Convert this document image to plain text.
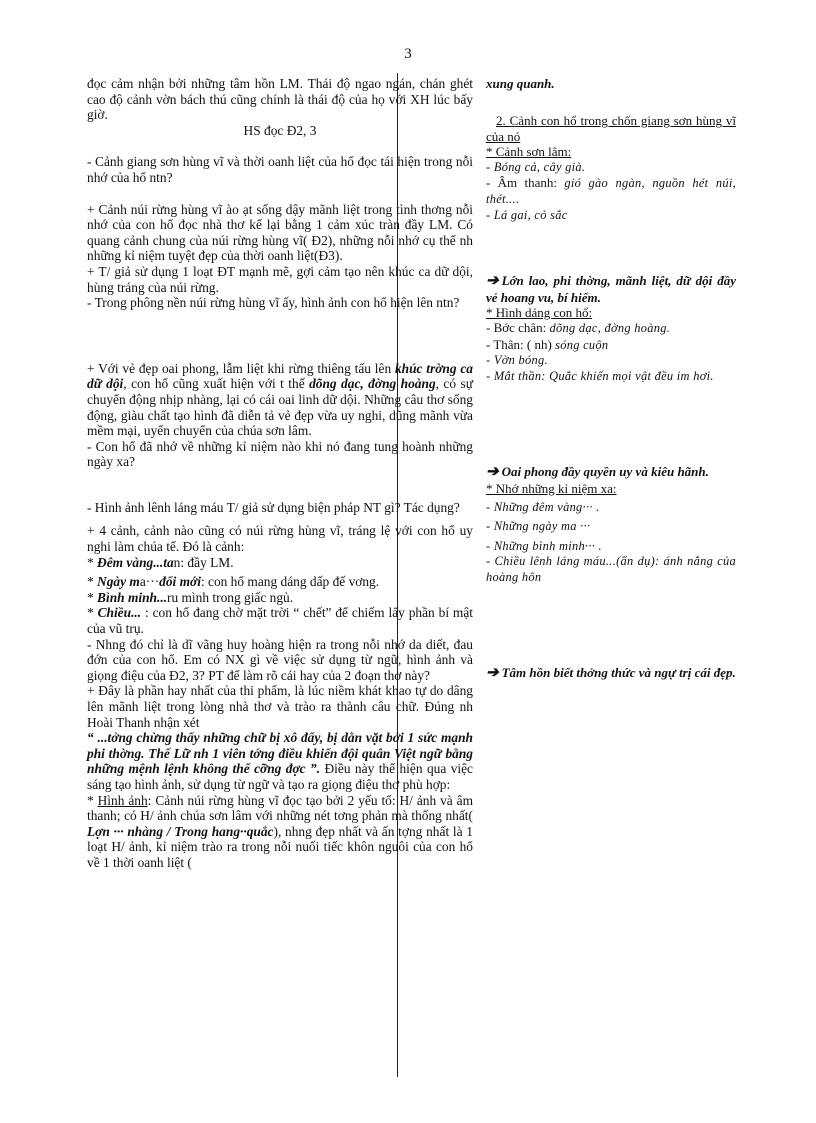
3

đọc cảm nhận bởi những tâm hồn LM. Thái độ ngao ngán, chán ghét cao độ cảnh vờn bách thú cũng chính là thái độ của họ với XH lúc bấy giờ.

HS đọc Đ2, 3

- Cảnh giang sơn hùng vĩ và thời oanh liệt của hổ đọc tái hiện trong nỗi nhớ của hổ ntn?

+ Cảnh núi rừng hùng vĩ ào ạt sống dậy mãnh liệt trong tình thơng nỗi nhớ của con hổ đọc nhà thơ kể lại bằng 1 cảm xúc tràn đầy LM. Có quang cảnh chung của núi rừng hùng vĩ( Đ2), những nỗi nhớ cụ thể nh những kỉ niệm tuyệt đẹp của thời oanh liệt(Đ3).

+ T/ giả sử dụng 1 loạt ĐT mạnh mẽ, gợi cảm tạo nên khúc ca dữ dội, hùng tráng của núi rừng.

- Trong phông nền núi rừng hùng vĩ ấy, hình ảnh con hổ hiện lên ntn?

+ Với vẻ đẹp oai phong, lẫm liệt khi rừng thiêng tấu lên khúc trờng ca dữ dội, con hổ cũng xuất hiện với t thế dõng dạc, đờng hoàng, có sự chuyển động nhịp nhàng, lại có cái oai linh dữ dội. Những câu thơ sống động, giàu chất tạo hình đã diễn tả vẻ đẹp vừa uy nghi, dũng mãnh vừa mềm mại, uyển chuyển của chúa sơn lâm.

- Con hổ đã nhớ về những kỉ niệm nào khi nó đang tung hoành những ngày xa?

- Hình ảnh lênh láng máu T/ giả sử dụng biện pháp NT gì? Tác dụng?

+ 4 cảnh, cảnh nào cũng có núi rừng hùng vĩ, tráng lệ với con hổ uy nghi làm chúa tể. Đó là cảnh:

* Đêm vàng...tan: đầy LM.

* Ngày ma···đổi mới: con hổ mang dáng dấp đế vơng.

* Bình minh...ru mình trong giấc ngủ.

* Chiều... : con hổ đang chờ mặt trời “ chết” để chiếm lấy phần bí mật của vũ trụ.

- Nhng đó chỉ là dĩ vãng huy hoàng hiện ra trong nỗi nhớ da diết, đau đớn của con hổ. Em có NX gì về việc sử dụng từ ngữ, hình ảnh và giọng điệu của Đ2, 3? PT để làm rõ cái hay của 2 đoạn thơ này?

+ Đây là phần hay nhất của thi phẩm, là lúc niềm khát khao tự do dâng lên mãnh liệt trong lòng nhà thơ và trào ra thành câu chữ. Đúng nh Hoài Thanh nhận xét

“ ...tởng chừng thấy những chữ bị xô đẩy, bị dằn vặt bởi 1 sức mạnh phi thờng. Thế Lữ nh 1 viên tớng điều khiển đội quân Việt ngữ bằng những mệnh lệnh không thể cỡng đợc ”. Điều này thể hiện qua việc sáng tạo hình ảnh, sử dụng từ ngữ và tạo ra giọng điệu thơ phù hợp:

* Hình ảnh: Cảnh núi rừng hùng vĩ đọc tạo bởi 2 yếu tố: H/ ảnh và âm thanh; có H/ ảnh chúa sơn lâm với những nét tơng phản mà thống nhất( Lợn ··· nhàng / Trong hang··quắc), nhng đẹp nhất và ấn tợng nhất là 1 loạt H/ ảnh, kỉ niệm trào ra trong nỗi nuối tiếc khôn nguôi của con hổ về 1 thời oanh liệt (

xung quanh.

2. Cảnh con hổ trong chốn giang sơn hùng vĩ của nó

* Cảnh sơn lâm:

- Bóng cả, cây già.

- Âm thanh: gió gào ngàn, nguồn hét núi, thét....

- Lá gai, cỏ sắc

➔ Lớn lao, phi thờng, mãnh liệt, dữ dội đầy vẻ hoang vu, bí hiểm.

* Hình dáng con hổ:

- Bớc chân: dõng dạc, đờng hoàng.

- Thân: ( nh) sóng cuộn

- Vờn bóng.

- Mắt thần: Quắc khiến mọi vật đều im hơi.

➔ Oai phong đầy quyền uy và kiêu hãnh.

* Nhớ những kỉ niệm xa:

- Những đêm vàng··· .

- Những ngày ma ···

- Những bình minh··· .

- Chiều lênh láng máu...(ẩn dụ): ánh nắng của hoàng hôn

➔ Tâm hồn biết thởng thức và ngự trị cái đẹp.
